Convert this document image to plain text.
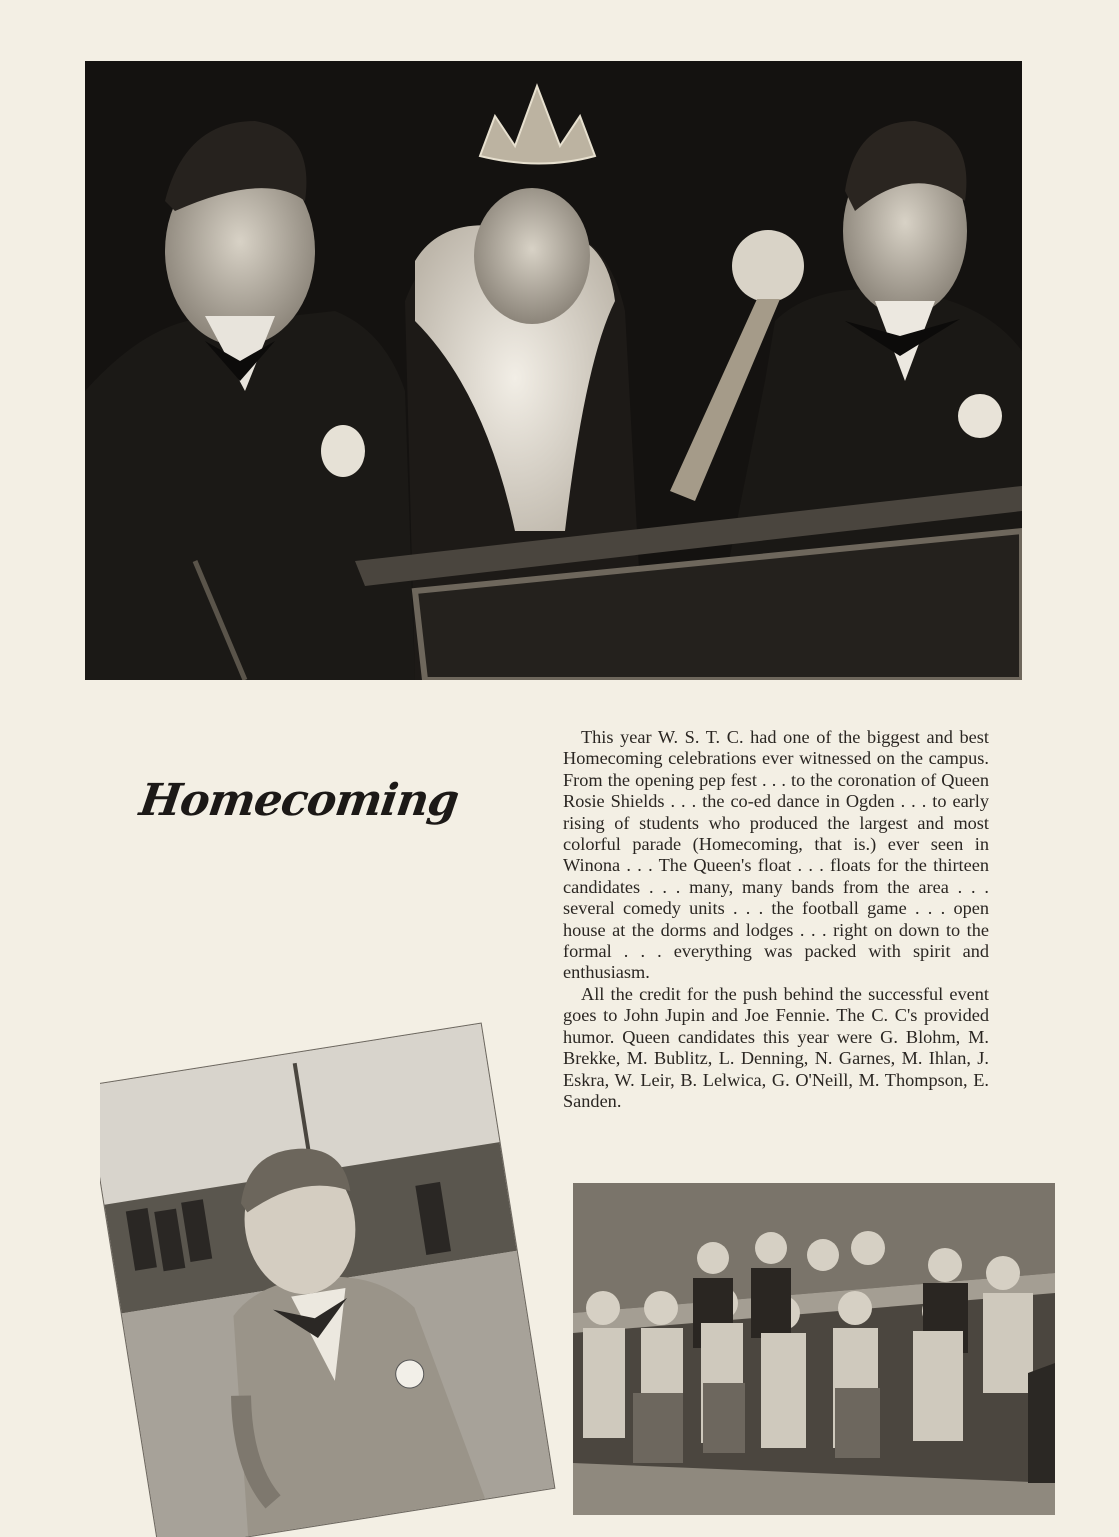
Homecoming

This year W. S. T. C. had one of the biggest and best Homecoming celebrations ever witnessed on the campus. From the opening pep fest . . . to the coronation of Queen Rosie Shields . . . the co-ed dance in Ogden . . . to early rising of students who produced the largest and most colorful parade (Homecoming, that is.) ever seen in Winona . . . The Queen's float . . . floats for the thirteen candidates . . . many, many bands from the area . . . several comedy units . . . the football game . . . open house at the dorms and lodges . . . right on down to the formal . . . everything was packed with spirit and enthusiasm.

All the credit for the push behind the successful event goes to John Jupin and Joe Fennie. The C. C's provided humor. Queen candidates this year were G. Blohm, M. Brekke, M. Bublitz, L. Denning, N. Garnes, M. Ihlan, J. Eskra, W. Leir, B. Lelwica, G. O'Neill, M. Thompson, E. Sanden.
